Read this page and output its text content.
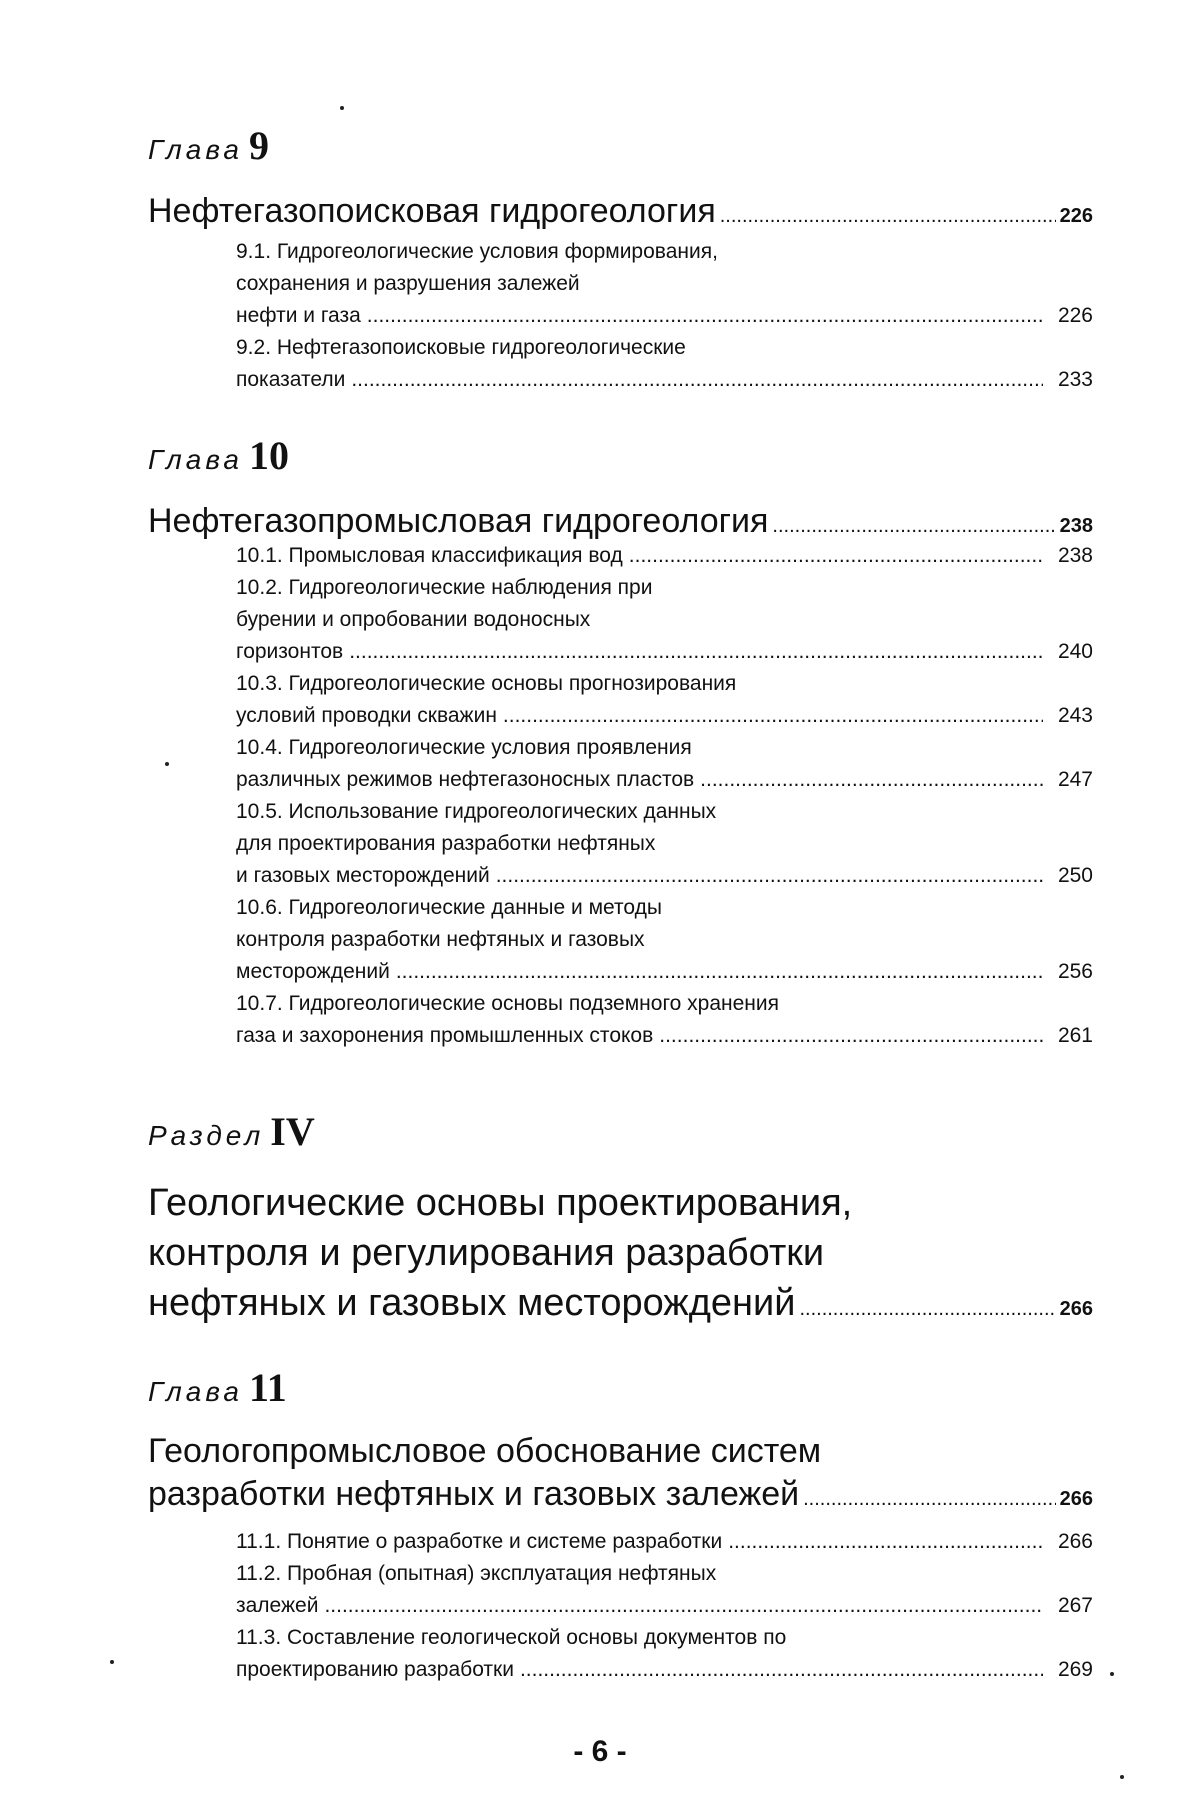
Глава 9
Нефтегазопоисковая гидрогеология .....	226
9.1. Гидрогеологические условия формирования,
сохранения и разрушения залежей
нефти и газа .....	226
9.2. Нефтегазопоисковые гидрогеологические
показатели .....	233
Глава 10
Нефтегазопромысловая гидрогеология .....	238
10.1. Промысловая классификация вод .....	238
10.2. Гидрогеологические наблюдения при
бурении и опробовании водоносных
горизонтов .....	240
10.3. Гидрогеологические основы прогнозирования
условий проводки скважин .....	243
10.4. Гидрогеологические условия проявления
различных режимов нефтегазоносных пластов .....	247
10.5. Использование гидрогеологических данных
для проектирования разработки нефтяных
и газовых месторождений .....	250
10.6. Гидрогеологические данные и методы
контроля разработки нефтяных и газовых
месторождений .....	256
10.7. Гидрогеологические основы подземного хранения
газа и захоронения промышленных стоков .....	261
Раздел IV
Геологические основы проектирования,
контроля и регулирования разработки
нефтяных и газовых месторождений .....	266
Глава 11
Геологопромысловое обоснование систем
разработки нефтяных и газовых залежей .....	266
11.1. Понятие о разработке и системе разработки .....	266
11.2. Пробная (опытная) эксплуатация нефтяных
залежей .....	267
11.3. Составление геологической основы документов по
проектированию разработки .....	269
- 6 -
